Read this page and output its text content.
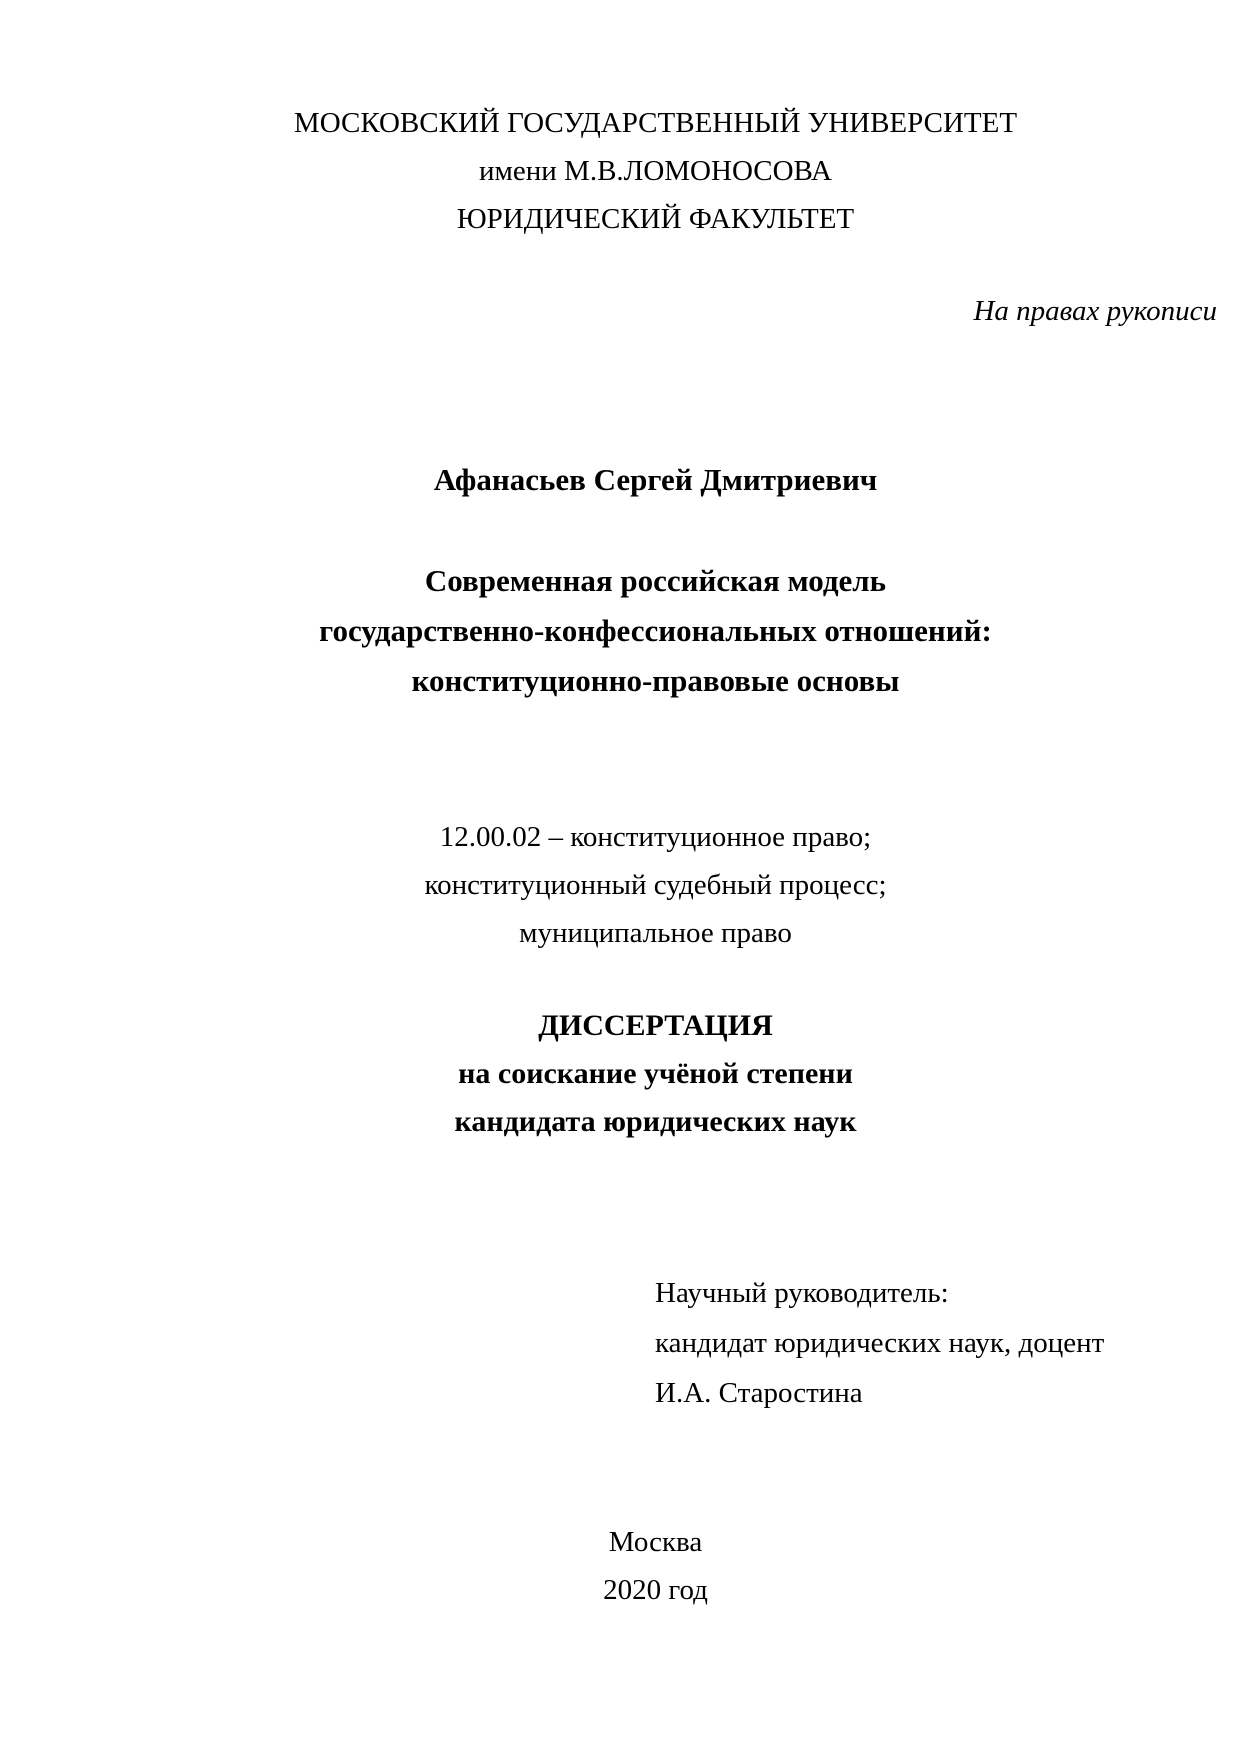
МОСКОВСКИЙ ГОСУДАРСТВЕННЫЙ УНИВЕРСИТЕТ
имени М.В.ЛОМОНОСОВА
ЮРИДИЧЕСКИЙ ФАКУЛЬТЕТ
На правах рукописи
Афанасьев Сергей Дмитриевич
Современная российская модель
государственно-конфессиональных отношений:
конституционно-правовые основы
12.00.02 – конституционное право;
конституционный судебный процесс;
муниципальное право
ДИССЕРТАЦИЯ
на соискание учёной степени
кандидата юридических наук
Научный руководитель:
кандидат юридических наук, доцент
И.А. Старостина
Москва
2020 год
